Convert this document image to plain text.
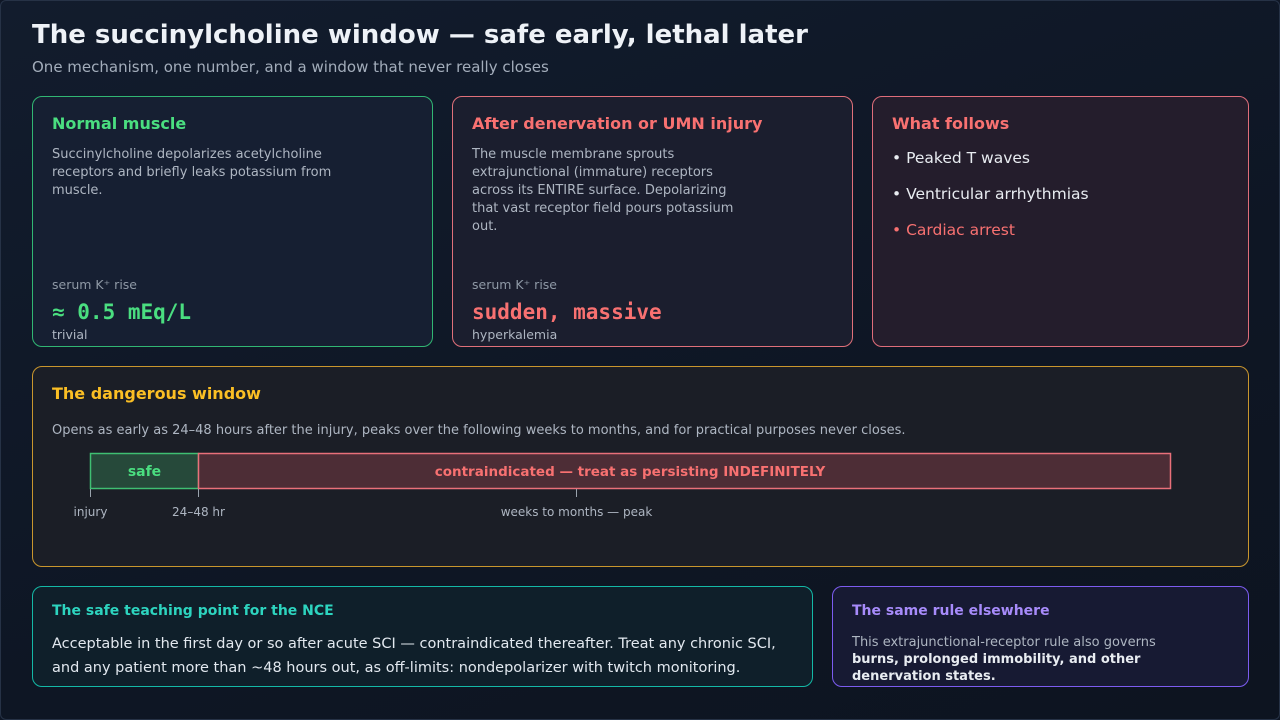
The succinylcholine window — safe early, lethal later
One mechanism, one number, and a window that never really closes
Normal muscle
Succinylcholine depolarizes acetylcholine receptors and briefly leaks potassium from muscle.
serum K⁺ rise
≈ 0.5 mEq/L
trivial
After denervation or UMN injury
The muscle membrane sprouts extrajunctional (immature) receptors across its ENTIRE surface. Depolarizing that vast receptor field pours potassium out.
serum K⁺ rise
sudden, massive
hyperkalemia
What follows
• Peaked T waves
• Ventricular arrhythmias
• Cardiac arrest
The dangerous window
Opens as early as 24–48 hours after the injury, peaks over the following weeks to months, and for practical purposes never closes.
safe	contraindicated — treat as persisting INDEFINITELY
injury	24–48 hr	weeks to months — peak
The safe teaching point for the NCE
Acceptable in the first day or so after acute SCI — contraindicated thereafter. Treat any chronic SCI, and any patient more than ~48 hours out, as off-limits: nondepolarizer with twitch monitoring.
The same rule elsewhere
This extrajunctional-receptor rule also governs
burns, prolonged immobility, and other denervation states.
